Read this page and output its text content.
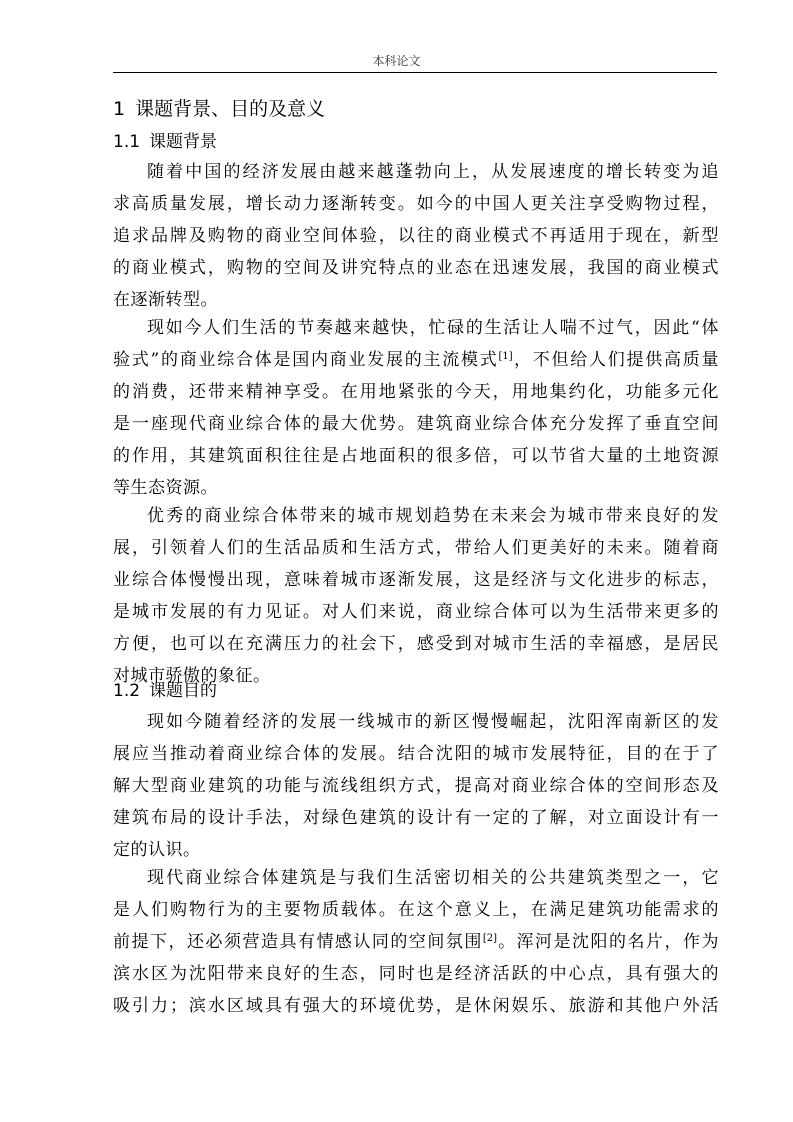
本科论文
1 课题背景、目的及意义
1.1 课题背景
随着中国的经济发展由越来越蓬勃向上，从发展速度的增长转变为追
求高质量发展，增长动力逐渐转变。如今的中国人更关注享受购物过程，
追求品牌及购物的商业空间体验，以往的商业模式不再适用于现在，新型
的商业模式，购物的空间及讲究特点的业态在迅速发展，我国的商业模式
在逐渐转型。
现如今人们生活的节奏越来越快，忙碌的生活让人喘不过气，因此“体
验式”的商业综合体是国内商业发展的主流模式[1]，不但给人们提供高质量
的消费，还带来精神享受。在用地紧张的今天，用地集约化，功能多元化
是一座现代商业综合体的最大优势。建筑商业综合体充分发挥了垂直空间
的作用，其建筑面积往往是占地面积的很多倍，可以节省大量的土地资源
等生态资源。
优秀的商业综合体带来的城市规划趋势在未来会为城市带来良好的发
展，引领着人们的生活品质和生活方式，带给人们更美好的未来。随着商
业综合体慢慢出现，意味着城市逐渐发展，这是经济与文化进步的标志，
是城市发展的有力见证。对人们来说，商业综合体可以为生活带来更多的
方便，也可以在充满压力的社会下，感受到对城市生活的幸福感，是居民
对城市骄傲的象征。
1.2 课题目的
现如今随着经济的发展一线城市的新区慢慢崛起，沈阳浑南新区的发
展应当推动着商业综合体的发展。结合沈阳的城市发展特征，目的在于了
解大型商业建筑的功能与流线组织方式，提高对商业综合体的空间形态及
建筑布局的设计手法，对绿色建筑的设计有一定的了解，对立面设计有一
定的认识。
现代商业综合体建筑是与我们生活密切相关的公共建筑类型之一，它
是人们购物行为的主要物质载体。在这个意义上，在满足建筑功能需求的
前提下，还必须营造具有情感认同的空间氛围[2]。浑河是沈阳的名片，作为
滨水区为沈阳带来良好的生态，同时也是经济活跃的中心点，具有强大的
吸引力；滨水区域具有强大的环境优势，是休闲娱乐、旅游和其他户外活
